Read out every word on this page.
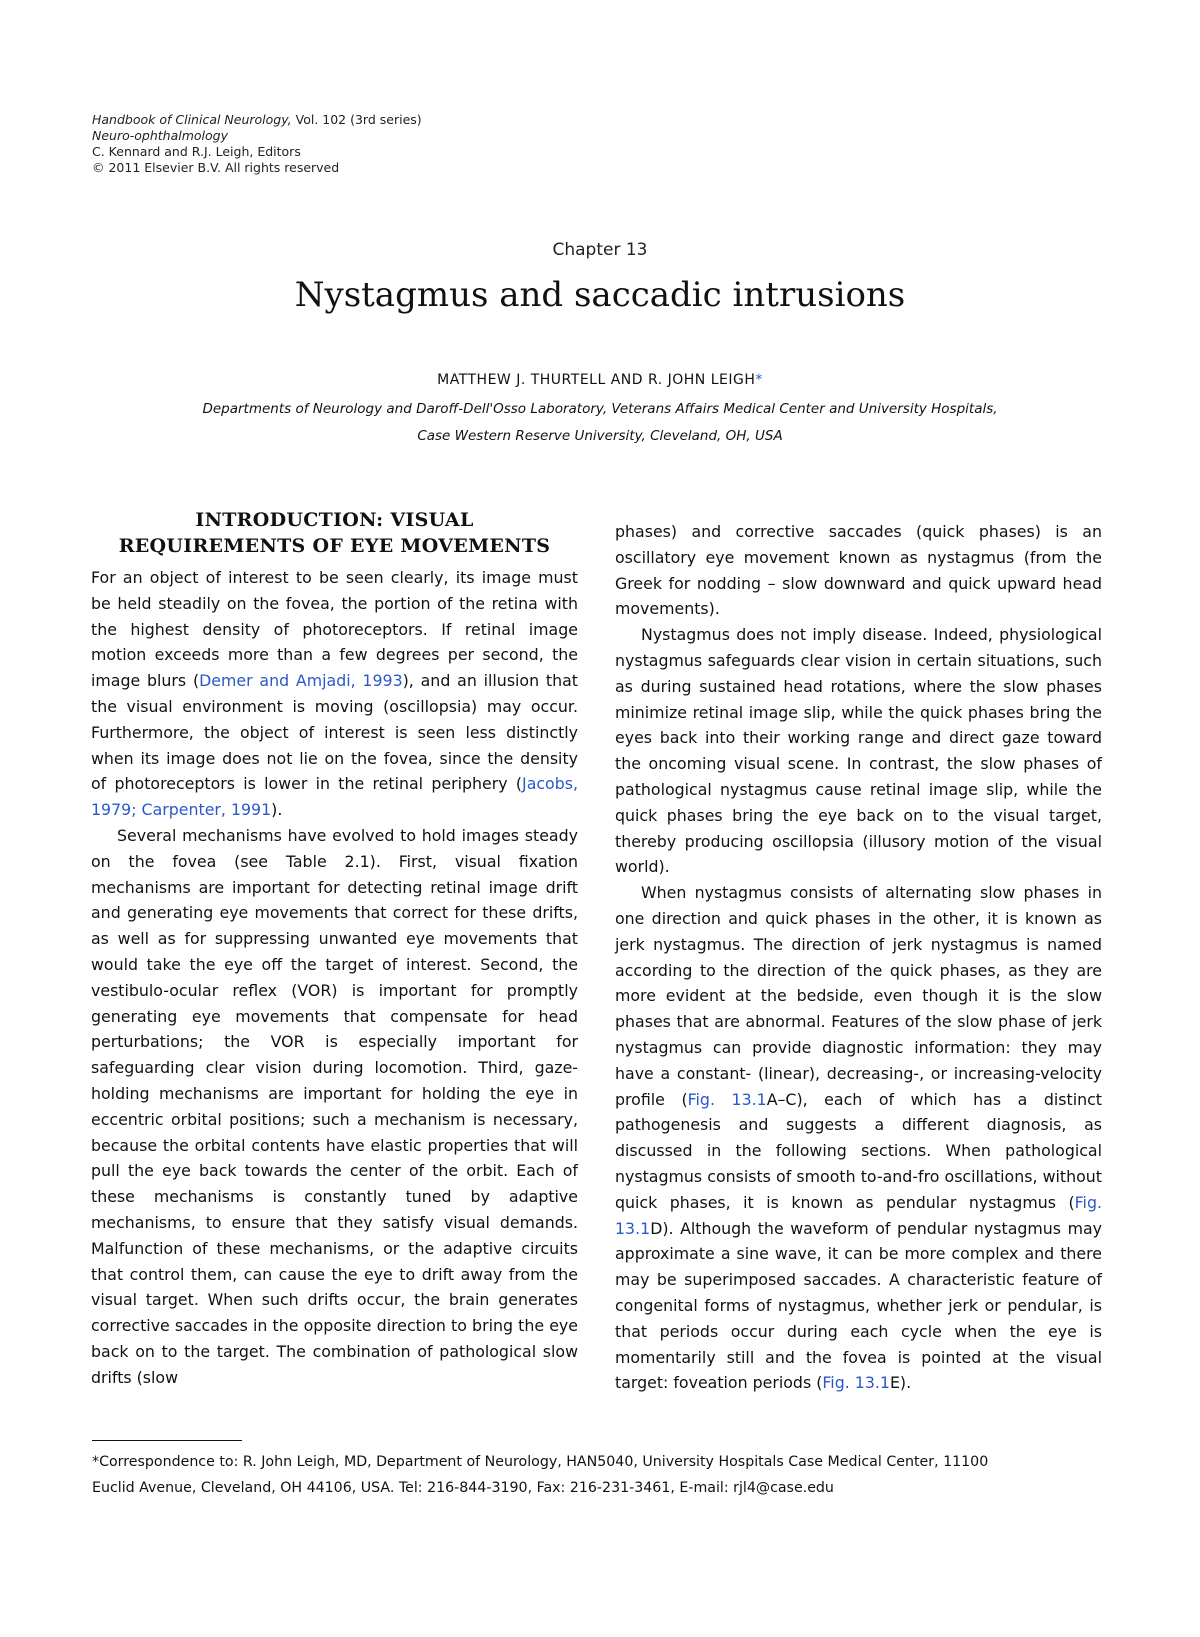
Handbook of Clinical Neurology, Vol. 102 (3rd series)
Neuro-ophthalmology
C. Kennard and R.J. Leigh, Editors
© 2011 Elsevier B.V. All rights reserved
Chapter 13
Nystagmus and saccadic intrusions
MATTHEW J. THURTELL AND R. JOHN LEIGH*
Departments of Neurology and Daroff-Dell'Osso Laboratory, Veterans Affairs Medical Center and University Hospitals,
Case Western Reserve University, Cleveland, OH, USA
INTRODUCTION: VISUAL
REQUIREMENTS OF EYE MOVEMENTS

For an object of interest to be seen clearly, its image must be held steadily on the fovea, the portion of the retina with the highest density of photoreceptors. If retinal image motion exceeds more than a few degrees per second, the image blurs (Demer and Amjadi, 1993), and an illusion that the visual environment is moving (oscillopsia) may occur. Furthermore, the object of interest is seen less distinctly when its image does not lie on the fovea, since the density of photoreceptors is lower in the retinal periphery (Jacobs, 1979; Carpenter, 1991).

Several mechanisms have evolved to hold images steady on the fovea (see Table 2.1). First, visual fixation mechanisms are important for detecting retinal image drift and generating eye movements that correct for these drifts, as well as for suppressing unwanted eye movements that would take the eye off the target of interest. Second, the vestibulo-ocular reflex (VOR) is important for promptly generating eye movements that compensate for head perturbations; the VOR is especially important for safeguarding clear vision during locomotion. Third, gaze-holding mechanisms are important for holding the eye in eccentric orbital positions; such a mechanism is necessary, because the orbital contents have elastic properties that will pull the eye back towards the center of the orbit. Each of these mechanisms is constantly tuned by adaptive mechanisms, to ensure that they satisfy visual demands. Malfunction of these mechanisms, or the adaptive circuits that control them, can cause the eye to drift away from the visual target. When such drifts occur, the brain generates corrective saccades in the opposite direction to bring the eye back on to the target. The combination of pathological slow drifts (slow

phases) and corrective saccades (quick phases) is an oscillatory eye movement known as nystagmus (from the Greek for nodding – slow downward and quick upward head movements).

Nystagmus does not imply disease. Indeed, physiological nystagmus safeguards clear vision in certain situations, such as during sustained head rotations, where the slow phases minimize retinal image slip, while the quick phases bring the eyes back into their working range and direct gaze toward the oncoming visual scene. In contrast, the slow phases of pathological nystagmus cause retinal image slip, while the quick phases bring the eye back on to the visual target, thereby producing oscillopsia (illusory motion of the visual world).

When nystagmus consists of alternating slow phases in one direction and quick phases in the other, it is known as jerk nystagmus. The direction of jerk nystagmus is named according to the direction of the quick phases, as they are more evident at the bedside, even though it is the slow phases that are abnormal. Features of the slow phase of jerk nystagmus can provide diagnostic information: they may have a constant- (linear), decreasing-, or increasing-velocity profile (Fig. 13.1A–C), each of which has a distinct pathogenesis and suggests a different diagnosis, as discussed in the following sections. When pathological nystagmus consists of smooth to-and-fro oscillations, without quick phases, it is known as pendular nystagmus (Fig. 13.1D). Although the waveform of pendular nystagmus may approximate a sine wave, it can be more complex and there may be superimposed saccades. A characteristic feature of congenital forms of nystagmus, whether jerk or pendular, is that periods occur during each cycle when the eye is momentarily still and the fovea is pointed at the visual target: foveation periods (Fig. 13.1E).

*Correspondence to: R. John Leigh, MD, Department of Neurology, HAN5040, University Hospitals Case Medical Center, 11100
Euclid Avenue, Cleveland, OH 44106, USA. Tel: 216-844-3190, Fax: 216-231-3461, E-mail: rjl4@case.edu
